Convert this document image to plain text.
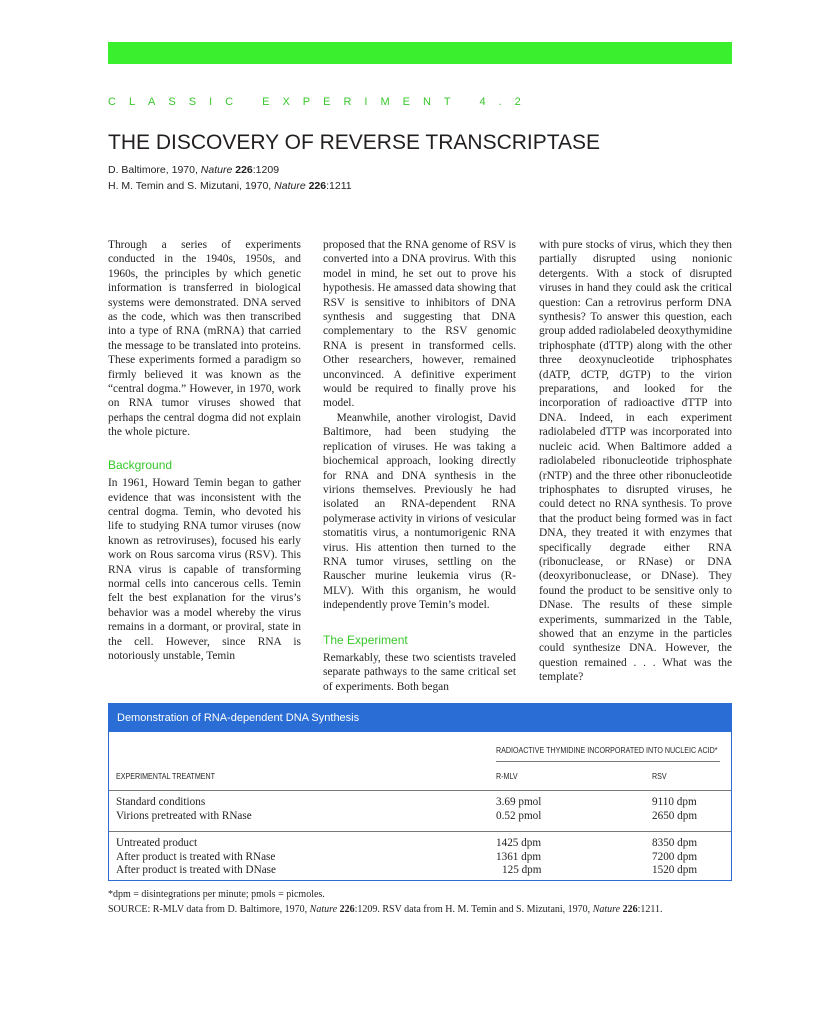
CLASSIC EXPERIMENT 4.2
THE DISCOVERY OF REVERSE TRANSCRIPTASE
D. Baltimore, 1970, Nature 226:1209
H. M. Temin and S. Mizutani, 1970, Nature 226:1211

Through a series of experiments conducted in the 1940s, 1950s, and 1960s, the principles by which genetic information is transferred in biological systems were demonstrated. DNA served as the code, which was then transcribed into a type of RNA (mRNA) that carried the message to be translated into proteins. These experiments formed a paradigm so firmly believed it was known as the “central dogma.” However, in 1970, work on RNA tumor viruses showed that perhaps the central dogma did not explain the whole picture.

Background

In 1961, Howard Temin began to gather evidence that was inconsistent with the central dogma. Temin, who devoted his life to studying RNA tumor viruses (now known as retroviruses), focused his early work on Rous sarcoma virus (RSV). This RNA virus is capable of transforming normal cells into cancerous cells. Temin felt the best explanation for the virus’s behavior was a model whereby the virus remains in a dormant, or proviral, state in the cell. However, since RNA is notoriously unstable, Temin

proposed that the RNA genome of RSV is converted into a DNA provirus. With this model in mind, he set out to prove his hypothesis. He amassed data showing that RSV is sensitive to inhibitors of DNA synthesis and suggesting that DNA complementary to the RSV genomic RNA is present in transformed cells. Other researchers, however, remained unconvinced. A definitive experiment would be required to finally prove his model.

Meanwhile, another virologist, David Baltimore, had been studying the replication of viruses. He was taking a biochemical approach, looking directly for RNA and DNA synthesis in the virions themselves. Previously he had isolated an RNA-dependent RNA polymerase activity in virions of vesicular stomatitis virus, a nontumorigenic RNA virus. His attention then turned to the RNA tumor viruses, settling on the Rauscher murine leukemia virus (R-MLV). With this organism, he would independently prove Temin’s model.

The Experiment

Remarkably, these two scientists traveled separate pathways to the same critical set of experiments. Both began

with pure stocks of virus, which they then partially disrupted using nonionic detergents. With a stock of disrupted viruses in hand they could ask the critical question: Can a retrovirus perform DNA synthesis? To answer this question, each group added radiolabeled deoxythymidine triphosphate (dTTP) along with the other three deoxynucleotide triphosphates (dATP, dCTP, dGTP) to the virion preparations, and looked for the incorporation of radioactive dTTP into DNA. Indeed, in each experiment radiolabeled dTTP was incorporated into nucleic acid. When Baltimore added a radiolabeled ribonucleotide triphosphate (rNTP) and the three other ribonucleotide triphosphates to disrupted viruses, he could detect no RNA synthesis. To prove that the product being formed was in fact DNA, they treated it with enzymes that specifically degrade either RNA (ribonuclease, or RNase) or DNA (deoxyribonuclease, or DNase). They found the product to be sensitive only to DNase. The results of these simple experiments, summarized in the Table, showed that an enzyme in the particles could synthesize DNA. However, the question remained . . . What was the template?

Demonstration of RNA-dependent DNA Synthesis
RADIOACTIVE THYMIDINE INCORPORATED INTO NUCLEIC ACID*
EXPERIMENTAL TREATMENT	R-MLV	RSV
Standard conditions
Virions pretreated with RNase
3.69 pmol
0.52 pmol
9110 dpm
2650 dpm
Untreated product
After product is treated with RNase
After product is treated with DNase
1425 dpm
1361 dpm
125 dpm
8350 dpm
7200 dpm
1520 dpm
*dpm = disintegrations per minute; pmols = picmoles.
SOURCE: R-MLV data from D. Baltimore, 1970, Nature 226:1209. RSV data from H. M. Temin and S. Mizutani, 1970, Nature 226:1211.
